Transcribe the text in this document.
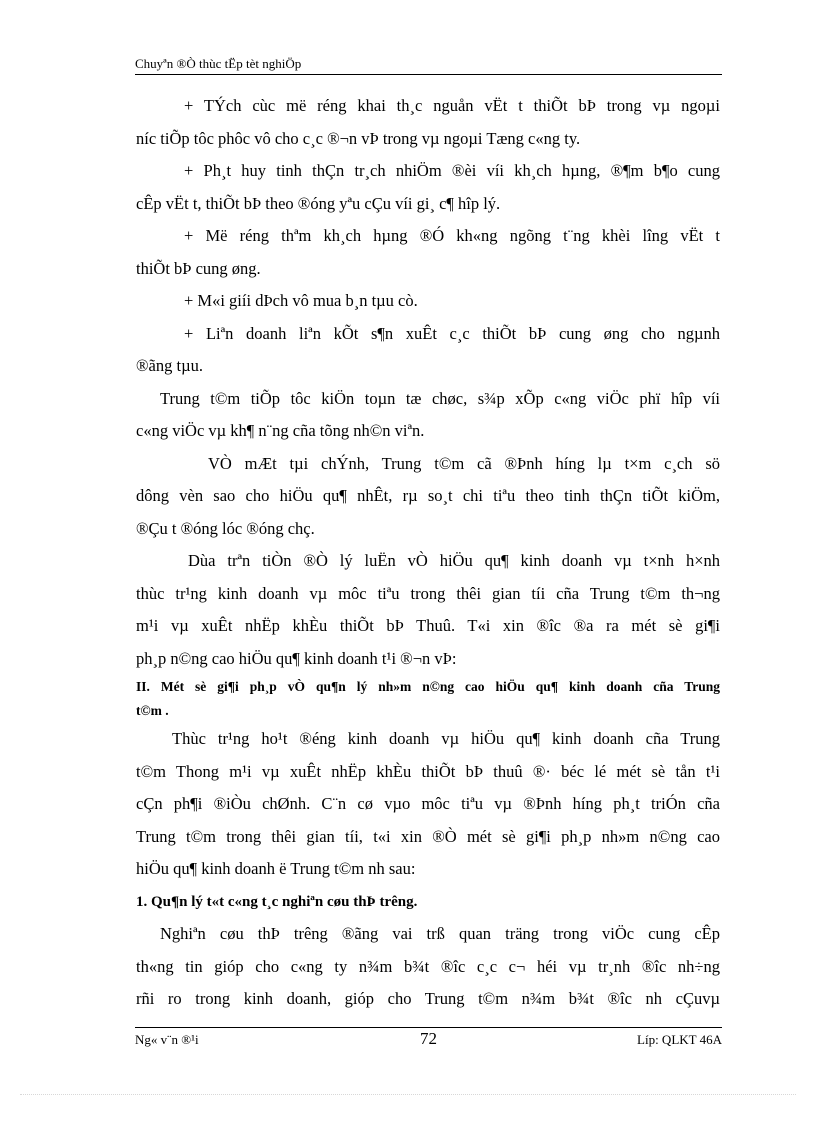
Chuyªn ®Ò thùc tËp tèt nghiÖp
+ TÝch cùc më réng khai th¸c nguån vËt t thiÕt bÞ trong vµ ngoµi
níc tiÕp tôc phôc vô cho c¸c ®¬n vÞ trong vµ ngoµi Tæng c«ng ty.
+ Ph¸t huy tinh thÇn tr¸ch nhiÖm ®èi víi kh¸ch hµng, ®¶m b¶o cung
cÊp vËt t, thiÕt bÞ theo ®óng yªu cÇu víi gi¸ c¶ hîp lý.
+ Më réng thªm kh¸ch hµng ®Ó kh«ng ngõng t¨ng khèi lîng vËt t
thiÕt bÞ cung øng.
+ M«i giíi dÞch vô mua b¸n tµu cò.
+ Liªn doanh liªn kÕt s¶n xuÊt c¸c thiÕt bÞ cung øng cho ngµnh
®ãng tµu.
Trung t©m tiÕp tôc kiÖn toµn tæ chøc, s¾p xÕp c«ng viÖc phï hîp víi
c«ng viÖc vµ kh¶ n¨ng cña tõng nh©n viªn.
VÒ mÆt tµi chÝnh, Trung t©m cã ®Þnh híng lµ t×m c¸ch sö
dông vèn sao cho hiÖu qu¶ nhÊt, rµ so¸t chi tiªu theo tinh thÇn tiÕt kiÖm,
®Çu t ®óng lóc ®óng chç.
Dùa trªn tiÒn ®Ò lý luËn vÒ hiÖu qu¶ kinh doanh vµ t×nh h×nh
thùc tr¹ng kinh doanh vµ môc tiªu trong thêi gian tíi cña Trung t©m th¬ng
m¹i vµ xuÊt nhËp khÈu thiÕt bÞ Thuû. T«i xin ®îc ®a ra mét sè gi¶i
ph¸p n©ng cao hiÖu qu¶ kinh doanh t¹i ®¬n vÞ:
II. Mét sè gi¶i ph¸p vÒ qu¶n lý nh»m n©ng cao hiÖu qu¶ kinh doanh cña Trung
t©m .
Thùc tr¹ng ho¹t ®éng kinh doanh vµ hiÖu qu¶ kinh doanh cña Trung
t©m Thong m¹i vµ xuÊt nhËp khÈu thiÕt bÞ thuû ®· béc lé mét sè tån t¹i
cÇn ph¶i ®iÒu chØnh. C¨n cø vµo môc tiªu vµ ®Þnh híng ph¸t triÓn cña
Trung t©m trong thêi gian tíi, t«i xin ®Ò mét sè gi¶i ph¸p nh»m n©ng cao
hiÖu qu¶ kinh doanh ë Trung t©m nh sau:
1. Qu¶n lý t«t c«ng t¸c nghiªn cøu thÞ trêng.
Nghiªn cøu thÞ trêng ®ãng vai trß quan träng trong viÖc cung cÊp
th«ng tin gióp cho c«ng ty n¾m b¾t ®îc c¸c c¬ héi vµ tr¸nh ®îc nh÷ng
rñi ro trong kinh doanh, gióp cho Trung t©m n¾m b¾t ®îc nh cÇuvµ
Ng« v¨n ®¹i	72	Líp: QLKT 46A
